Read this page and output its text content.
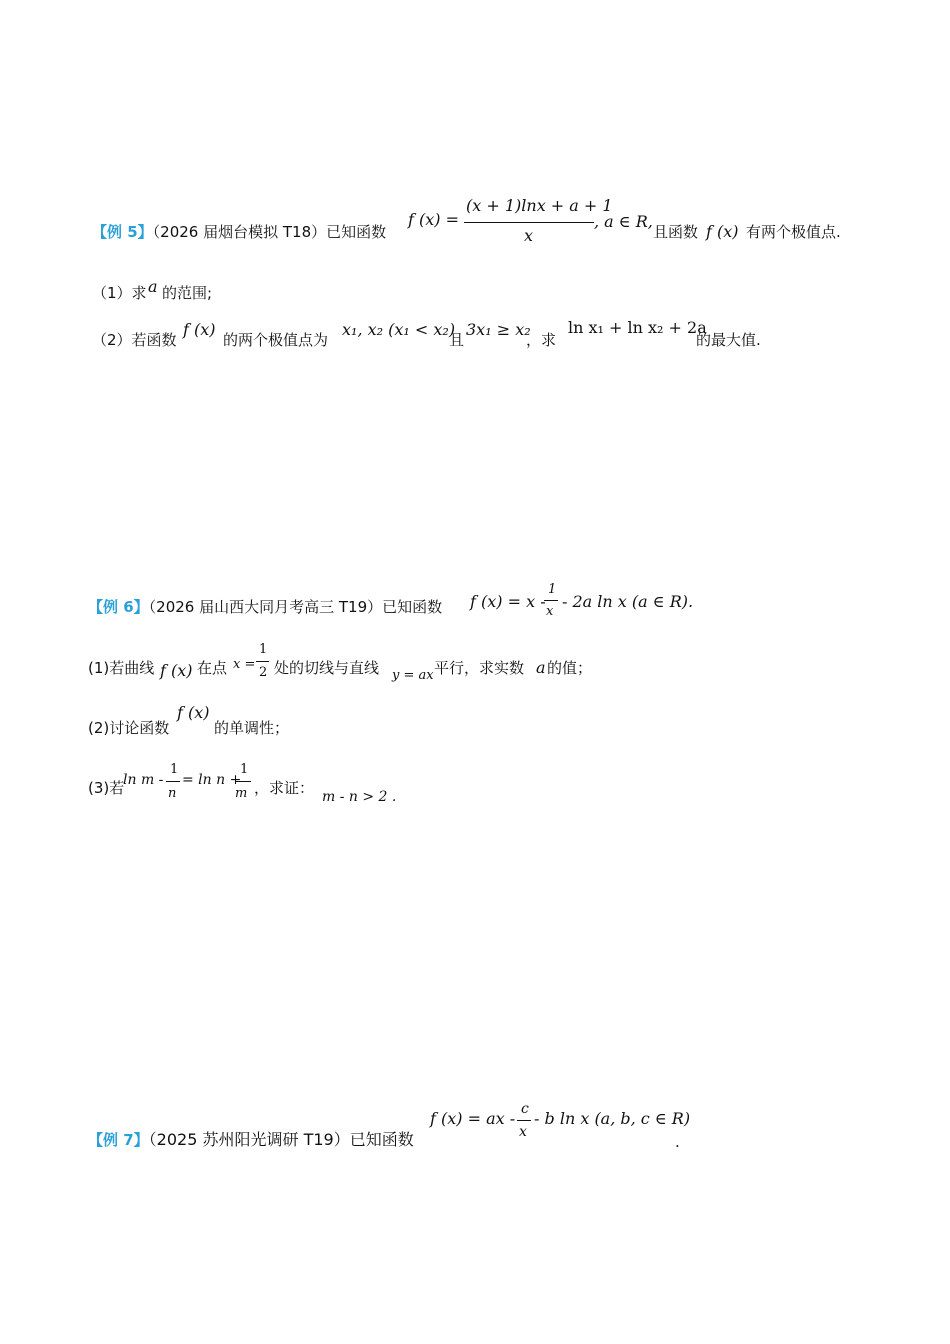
【例 5】（2026 届烟台模拟 T18）已知函数
f (x) =
(x + 1)lnx + a + 1
x
, a ∈ R,
且函数 f (x) 有两个极值点.
（1）求 a 的范围;
（2）若函数
f (x)
的两个极值点为
x₁, x₂ (x₁ < x₂)
且
3x₁ ≥ x₂
，求
ln x₁ + ln x₂ + 2a
的最大值.
【例 6】（2026 届山西大同月考高三 T19）已知函数 f (x) = x -
1
x
- 2a ln x (a ∈ R).
(1)若曲线 f (x) 在点 x =
1
2 处的切线与直线 y = ax 平行，求实数 a 的值；
(2)讨论函数
f (x)
的单调性；
(3)若
ln m -
1
n
= ln n +
1
m ，求证： m - n > 2 .
【例 7】（2025 苏州阳光调研 T19）已知函数
f (x) = ax - c
x
- b ln x (a, b, c ∈ R)
.
